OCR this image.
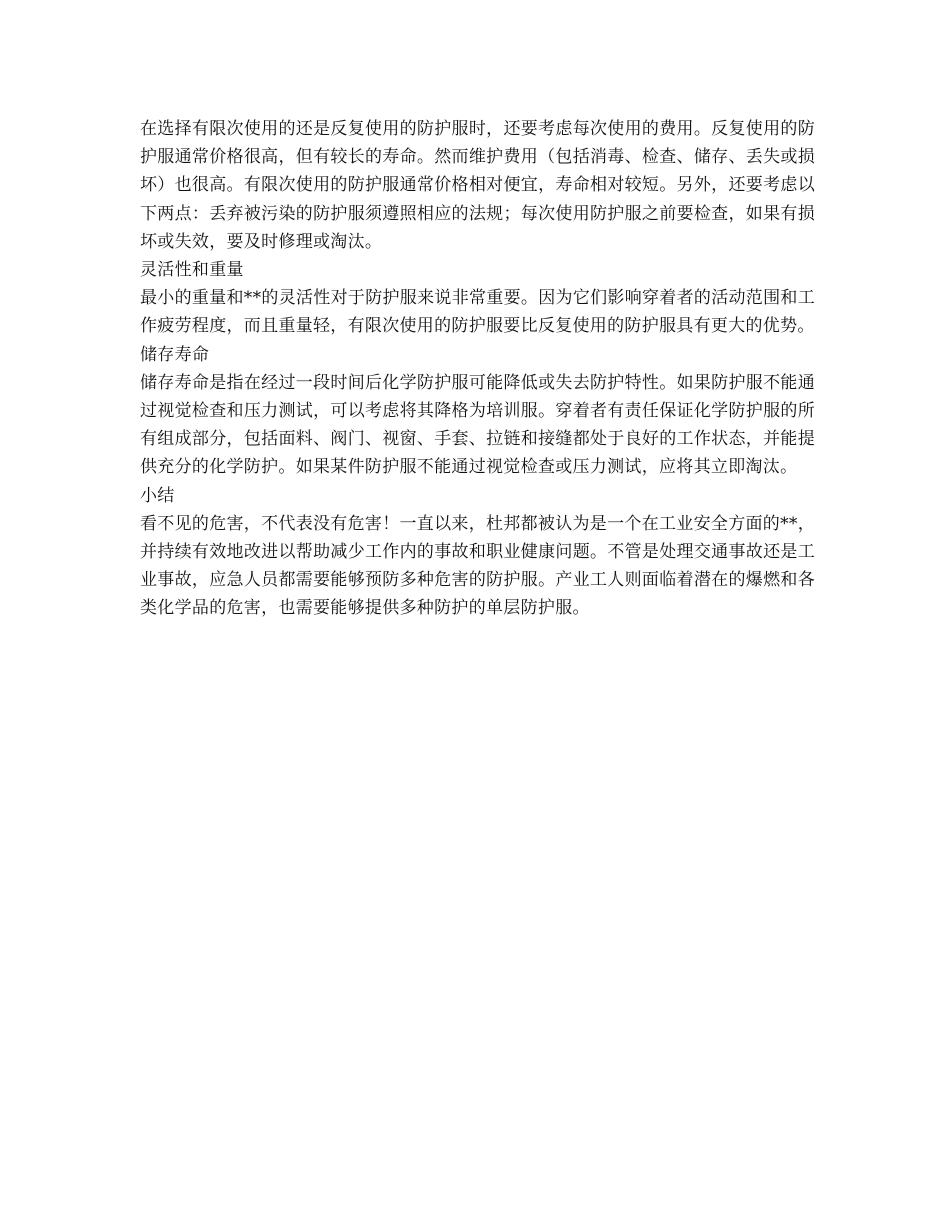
在选择有限次使用的还是反复使用的防护服时，还要考虑每次使用的费用。反复使用的防护服通常价格很高，但有较长的寿命。然而维护费用（包括消毒、检查、储存、丢失或损坏）也很高。有限次使用的防护服通常价格相对便宜，寿命相对较短。另外，还要考虑以下两点：丢弃被污染的防护服须遵照相应的法规；每次使用防护服之前要检查，如果有损坏或失效，要及时修理或淘汰。

灵活性和重量

最小的重量和**的灵活性对于防护服来说非常重要。因为它们影响穿着者的活动范围和工作疲劳程度，而且重量轻，有限次使用的防护服要比反复使用的防护服具有更大的优势。

储存寿命

储存寿命是指在经过一段时间后化学防护服可能降低或失去防护特性。如果防护服不能通过视觉检查和压力测试，可以考虑将其降格为培训服。穿着者有责任保证化学防护服的所有组成部分，包括面料、阀门、视窗、手套、拉链和接缝都处于良好的工作状态，并能提供充分的化学防护。如果某件防护服不能通过视觉检查或压力测试，应将其立即淘汰。

小结

看不见的危害，不代表没有危害！一直以来，杜邦都被认为是一个在工业安全方面的**，并持续有效地改进以帮助减少工作内的事故和职业健康问题。不管是处理交通事故还是工业事故，应急人员都需要能够预防多种危害的防护服。产业工人则面临着潜在的爆燃和各类化学品的危害，也需要能够提供多种防护的单层防护服。
